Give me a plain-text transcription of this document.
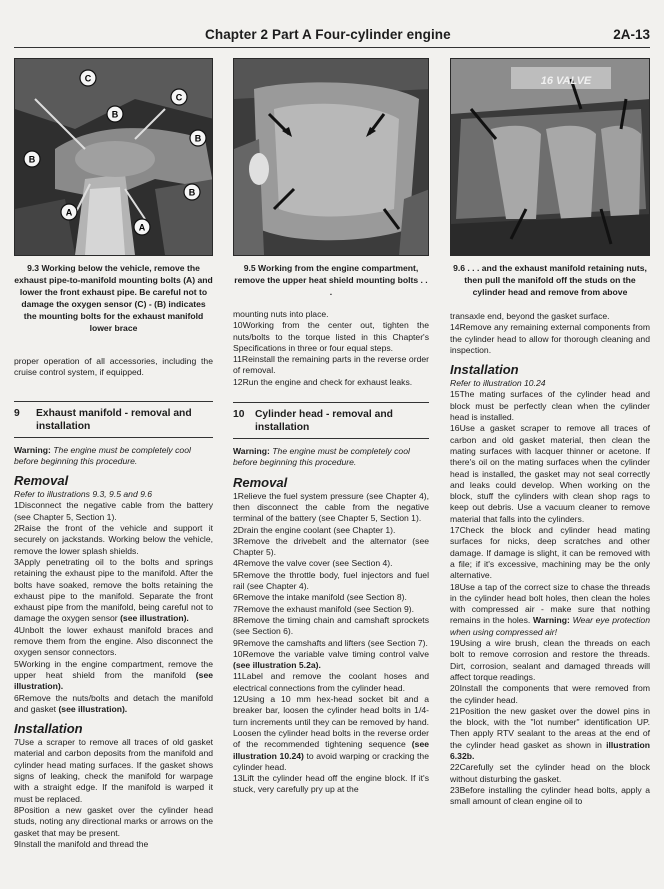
Chapter 2 Part A Four-cylinder engine	2A-13
C
C
B
B
B
B
A
A
9.3 Working below the vehicle, remove the exhaust pipe-to-manifold mounting bolts (A) and lower the front exhaust pipe. Be careful not to damage the oxygen sensor (C) - (B) indicates the mounting bolts for the exhaust manifold lower brace

proper operation of all accessories, including the cruise control system, if equipped.

9	Exhaust manifold - removal and installation
Warning: The engine must be completely cool before beginning this procedure.
Removal
Refer to illustrations 9.3, 9.5 and 9.6

1Disconnect the negative cable from the battery (see Chapter 5, Section 1).

2Raise the front of the vehicle and support it securely on jackstands. Working below the vehicle, remove the lower splash shields.

3Apply penetrating oil to the bolts and springs retaining the exhaust pipe to the manifold. After the bolts have soaked, remove the bolts retaining the exhaust pipe to the manifold. Separate the front exhaust pipe from the manifold, being careful not to damage the oxygen sensor (see illustration).

4Unbolt the lower exhaust manifold braces and remove them from the engine. Also disconnect the oxygen sensor connectors.

5Working in the engine compartment, remove the upper heat shield from the manifold (see illustration).

6Remove the nuts/bolts and detach the manifold and gasket (see illustration).

Installation

7Use a scraper to remove all traces of old gasket material and carbon deposits from the manifold and cylinder head mating surfaces. If the gasket shows signs of leaking, check the manifold for warpage with a straight edge. If the manifold is warped it must be replaced.

8Position a new gasket over the cylinder head studs, noting any directional marks or arrows on the gasket that may be present.

9Install the manifold and thread the

9.5 Working from the engine compartment, remove the upper heat shield mounting bolts . . .

mounting nuts into place.

10Working from the center out, tighten the nuts/bolts to the torque listed in this Chapter's Specifications in three or four equal steps.

11Reinstall the remaining parts in the reverse order of removal.

12Run the engine and check for exhaust leaks.

10	Cylinder head - removal and installation
Warning: The engine must be completely cool before beginning this procedure.
Removal

1Relieve the fuel system pressure (see Chapter 4), then disconnect the cable from the negative terminal of the battery (see Chapter 5, Section 1).

2Drain the engine coolant (see Chapter 1).

3Remove the drivebelt and the alternator (see Chapter 5).

4Remove the valve cover (see Section 4).

5Remove the throttle body, fuel injectors and fuel rail (see Chapter 4).

6Remove the intake manifold (see Section 8).

7Remove the exhaust manifold (see Section 9).

8Remove the timing chain and camshaft sprockets (see Section 6).

9Remove the camshafts and lifters (see Section 7).

10Remove the variable valve timing control valve (see illustration 5.2a).

11Label and remove the coolant hoses and electrical connections from the cylinder head.

12Using a 10 mm hex-head socket bit and a breaker bar, loosen the cylinder head bolts in 1/4-turn increments until they can be removed by hand. Loosen the cylinder head bolts in the reverse order of the recommended tightening sequence (see illustration 10.24) to avoid warping or cracking the cylinder head.

13Lift the cylinder head off the engine block. If it's stuck, very carefully pry up at the

16 VALVE
9.6 . . . and the exhaust manifold retaining nuts, then pull the manifold off the studs on the cylinder head and remove from above

transaxle end, beyond the gasket surface.

14Remove any remaining external components from the cylinder head to allow for thorough cleaning and inspection.

Installation
Refer to illustration 10.24

15The mating surfaces of the cylinder head and block must be perfectly clean when the cylinder head is installed.

16Use a gasket scraper to remove all traces of carbon and old gasket material, then clean the mating surfaces with lacquer thinner or acetone. If there's oil on the mating surfaces when the cylinder head is installed, the gasket may not seal correctly and leaks could develop. When working on the block, stuff the cylinders with clean shop rags to keep out debris. Use a vacuum cleaner to remove material that falls into the cylinders.

17Check the block and cylinder head mating surfaces for nicks, deep scratches and other damage. If damage is slight, it can be removed with a file; if it's excessive, machining may be the only alternative.

18Use a tap of the correct size to chase the threads in the cylinder head bolt holes, then clean the holes with compressed air - make sure that nothing remains in the holes. Warning: Wear eye protection when using compressed air!

19Using a wire brush, clean the threads on each bolt to remove corrosion and restore the threads. Dirt, corrosion, sealant and damaged threads will affect torque readings.

20Install the components that were removed from the cylinder head.

21Position the new gasket over the dowel pins in the block, with the "lot number" identification UP. Then apply RTV sealant to the areas at the end of the cylinder head gasket as shown in illustration 6.32b.

22Carefully set the cylinder head on the block without disturbing the gasket.

23Before installing the cylinder head bolts, apply a small amount of clean engine oil to
